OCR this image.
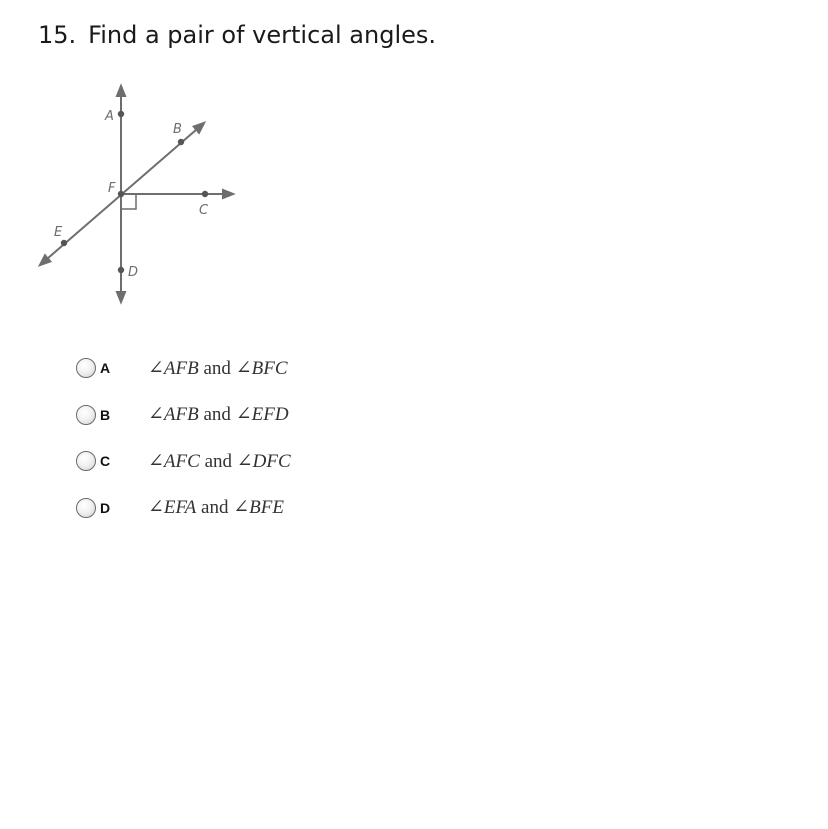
15. Find a pair of vertical angles.
A
B
F
C
E
D
A	∠AFB and ∠BFC
B	∠AFB and ∠EFD
C	∠AFC and ∠DFC
D	∠EFA and ∠BFE
